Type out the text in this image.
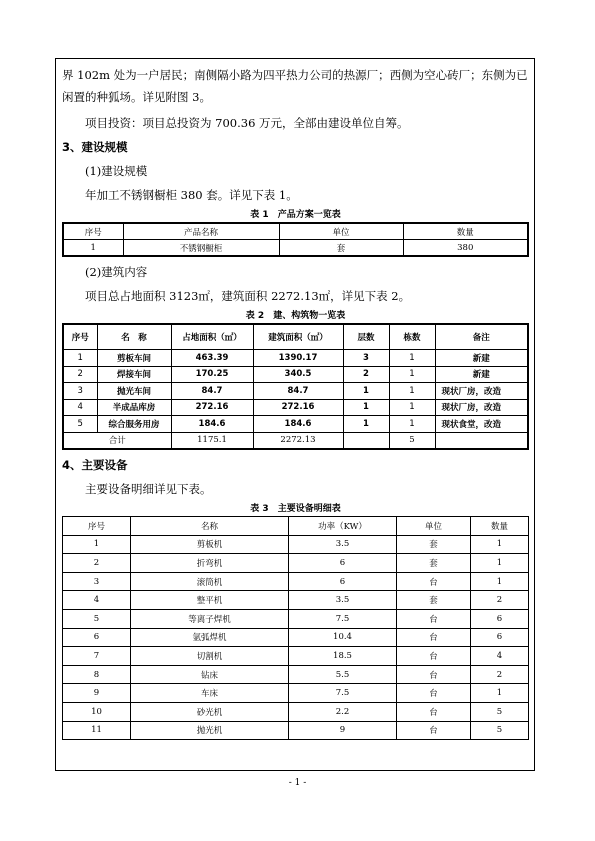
界 102m 处为一户居民；南侧隔小路为四平热力公司的热源厂；西侧为空心砖厂；东侧为已闲置的种狐场。详见附图 3。

项目投资：项目总投资为 700.36 万元，全部由建设单位自筹。

3、建设规模

(1)建设规模

年加工不锈钢橱柜 380 套。详见下表 1。

表 1　产品方案一览表
序号	产品名称	单位	数量
1	不锈钢橱柜	套	380

(2)建筑内容

项目总占地面积 3123㎡，建筑面积 2272.13㎡，详见下表 2。

表 2　建、构筑物一览表
序号	名　称	占地面积（㎡）	建筑面积（㎡）	层数	栋数	备注
1	剪板车间	463.39	1390.17	3	1	新建
2	焊接车间	170.25	340.5	2	1	新建
3	抛光车间	84.7	84.7	1	1	现状厂房，改造
4	半成品库房	272.16	272.16	1	1	现状厂房，改造
5	综合服务用房	184.6	184.6	1	1	现状食堂，改造
合计		1175.1	2272.13		5	

4、主要设备

主要设备明细详见下表。

表 3　主要设备明细表
序号	名称	功率（KW）	单位	数量
1	剪板机	3.5	套	1
2	折弯机	6	套	1
3	滚筒机	6	台	1
4	整平机	3.5	套	2
5	等离子焊机	7.5	台	6
6	氩弧焊机	10.4	台	6
7	切割机	18.5	台	4
8	钻床	5.5	台	2
9	车床	7.5	台	1
10	砂光机	2.2	台	5
11	抛光机	9	台	5
- 1 -
